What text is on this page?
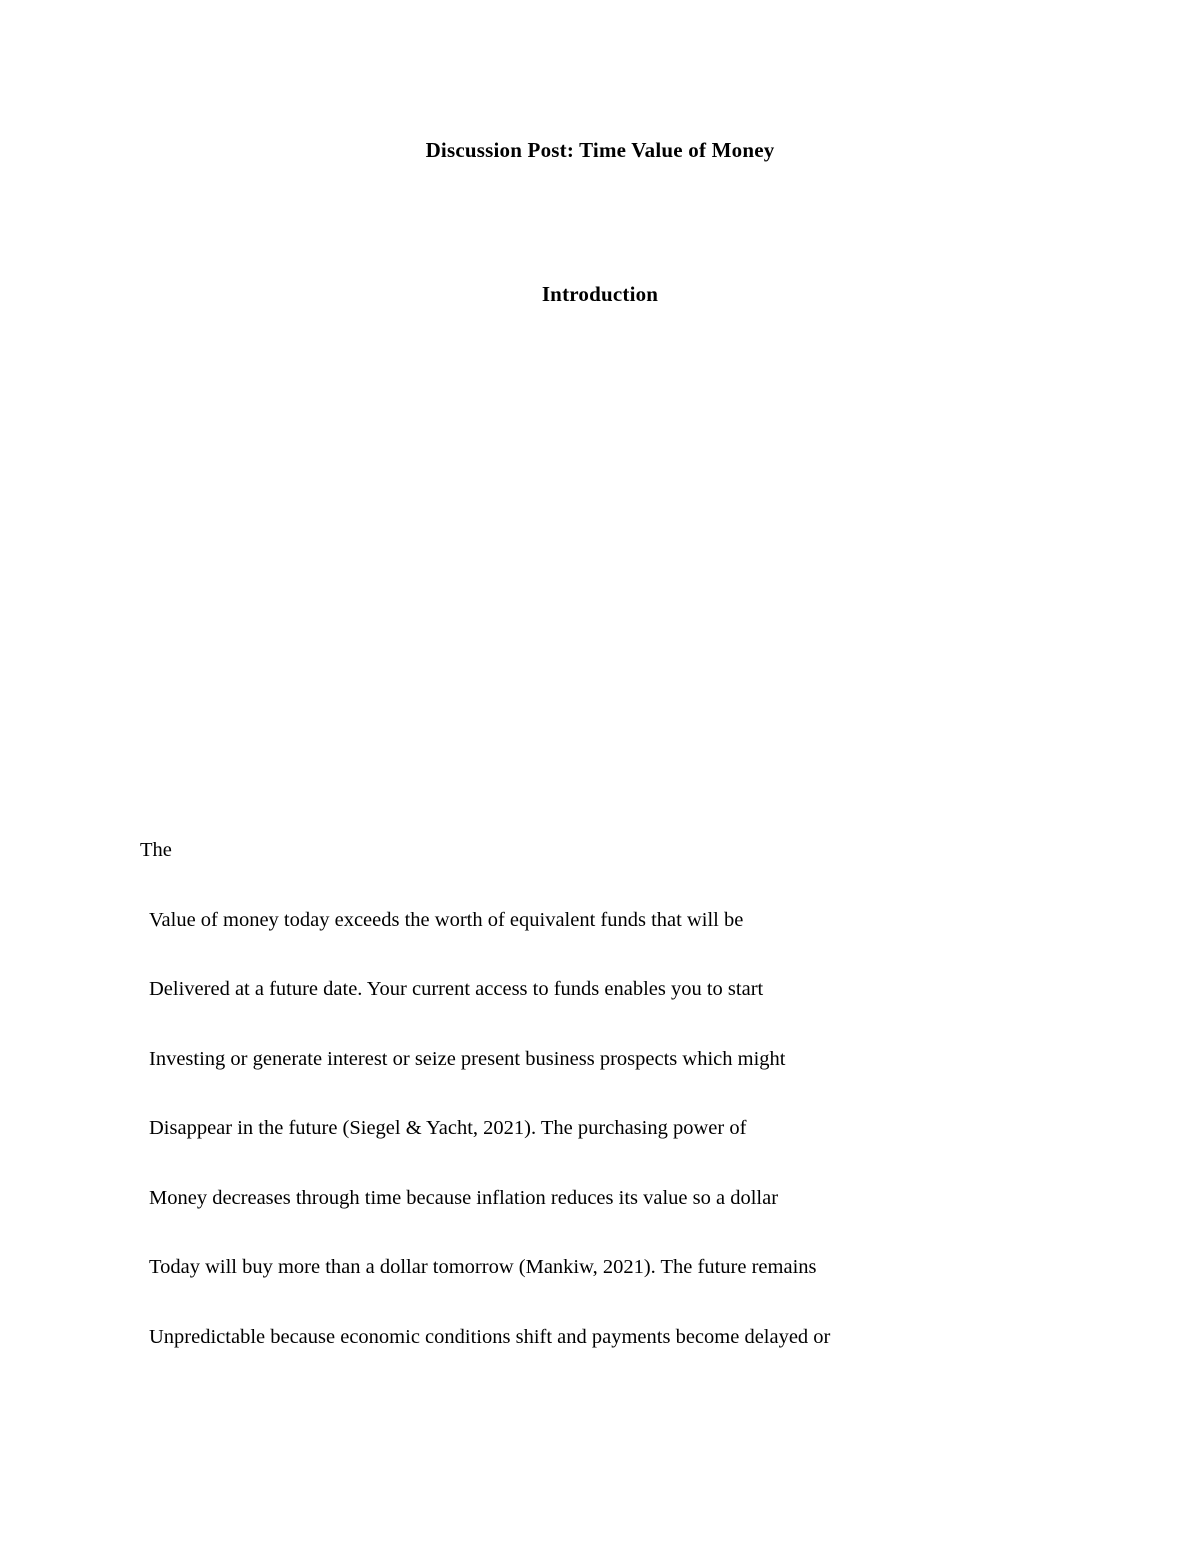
Discussion Post: Time Value of Money
Introduction

The

Value of money today exceeds the worth of equivalent funds that will be

Delivered at a future date. Your current access to funds enables you to start

Investing or generate interest or seize present business prospects which might

Disappear in the future (Siegel & Yacht, 2021). The purchasing power of

Money decreases through time because inflation reduces its value so a dollar

Today will buy more than a dollar tomorrow (Mankiw, 2021). The future remains

Unpredictable because economic conditions shift and payments become delayed or
